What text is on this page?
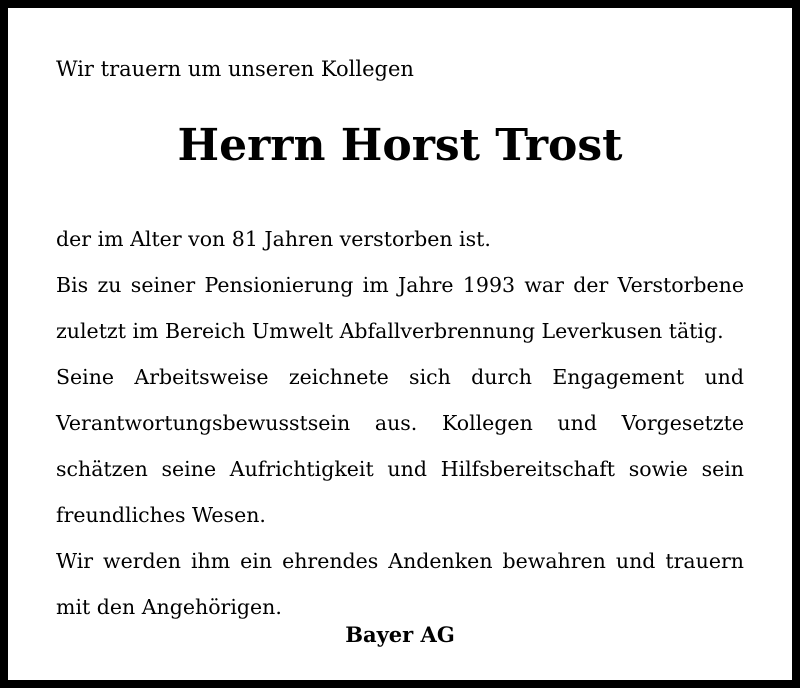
Wir trauern um unseren Kollegen

Herrn Horst Trost

der im Alter von 81 Jahren verstorben ist.

Bis zu seiner Pensionierung im Jahre 1993 war der Verstorbene zuletzt im Bereich Umwelt Abfallverbrennung Leverkusen tätig.

Seine Arbeitsweise zeichnete sich durch Engagement und Verantwortungsbewusstsein aus. Kollegen und Vorgesetzte schätzen seine Aufrichtigkeit und Hilfsbereitschaft sowie sein freundliches Wesen.

Wir werden ihm ein ehrendes Andenken bewahren und trauern mit den Angehörigen.

Bayer AG
